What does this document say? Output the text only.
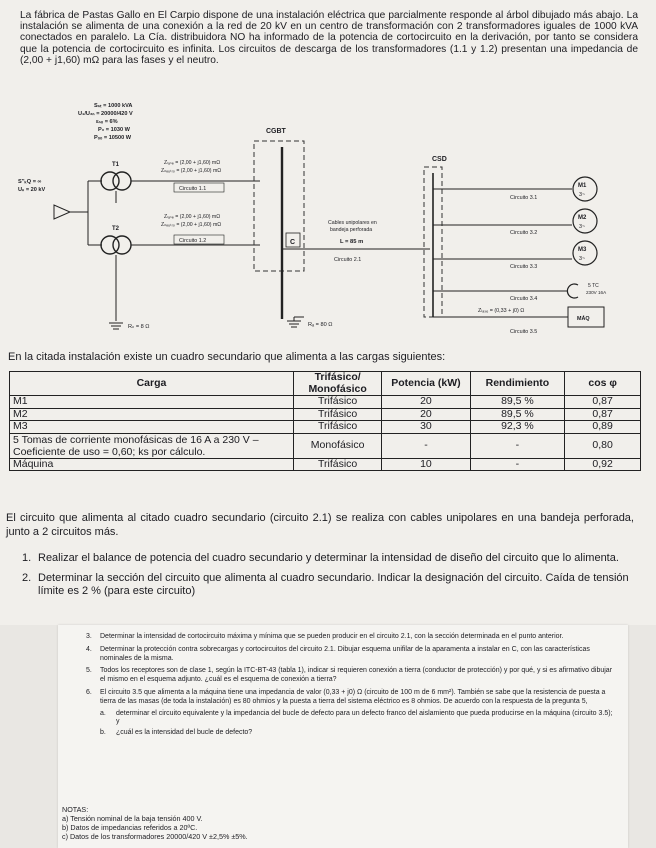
La fábrica de Pastas Gallo en El Carpio dispone de una instalación eléctrica que parcialmente responde al árbol dibujado más abajo. La instalación se alimenta de una conexión a la red de 20 kV en un centro de transformación con 2 transformadores iguales de 1000 kVA conectados en paralelo. La Cía. distribuidora NO ha informado de la potencia de cortocircuito en la derivación, por tanto se considera que la potencia de cortocircuito es infinita. Los circuitos de descarga de los transformadores (1.1 y 1.2) presentan una impedancia de (2,00 + j1,60) mΩ para las fases y el neutro.

Sₙₜ = 1000 kVA
U₁/U₂ₙ = 20000/420 V
εₙₒ = 6%
P₀ = 1030 W
Pₒₒ = 10500 W
S″ₖQ = ∞
Uₙ = 20 kV
T1
T2
Zₗₐₛₑ = (2,00 + j1,60) mΩ
Zₙₑᵤₜᵣₒ = (2,00 + j1,60) mΩ
Zₗₐₛₑ = (2,00 + j1,60) mΩ
Zₙₑᵤₜᵣₒ = (2,00 + j1,60) mΩ
Circuito 1.1
Circuito 1.2
CGBT
C
Cables unipolares en
bandeja perforada
L = 85 m
Circuito 2.1
CSD
Circuito 3.1
Circuito 3.2
Circuito 3.3
Circuito 3.4
Circuito 3.5
Zₗₐₛₑ = (0,33 + j0) Ω
M1
3~
M2
3~
M3
3~
5 TC
230V 16A
MÁQ
Rₙ = 8 Ω	Rₐ = 80 Ω
En la citada instalación existe un cuadro secundario que alimenta a las cargas siguientes:
Carga	Trifásico/ Monofásico	Potencia (kW)	Rendimiento	cos φ
M1	Trifásico	20	89,5 %	0,87
M2	Trifásico	20	89,5 %	0,87
M3	Trifásico	30	92,3 %	0,89
5 Tomas de corriente monofásicas de 16 A a 230 V – Coeficiente de uso = 0,60; ks por cálculo.	Monofásico	-	-	0,80
Máquina	Trifásico	10	-	0,92

El circuito que alimenta al citado cuadro secundario (circuito 2.1) se realiza con cables unipolares en una bandeja perforada, junto a 2 circuitos más.

1. Realizar el balance de potencia del cuadro secundario y determinar la intensidad de diseño del circuito que lo alimenta.
2. Determinar la sección del circuito que alimenta al cuadro secundario. Indicar la designación del circuito. Caída de tensión límite es 2 % (para este circuito)
3. Determinar la intensidad de cortocircuito máxima y mínima que se pueden producir en el circuito 2.1, con la sección determinada en el punto anterior.
4. Determinar la protección contra sobrecargas y cortocircuitos del circuito 2.1. Dibujar esquema unifilar de la aparamenta a instalar en C, con las características nominales de la misma.
5. Todos los receptores son de clase 1, según la ITC-BT-43 (tabla 1), indicar si requieren conexión a tierra (conductor de protección) y por qué, y si es afirmativo dibujar el mismo en el esquema adjunto. ¿cuál es el esquema de conexión a tierra?
6. El circuito 3.5 que alimenta a la máquina tiene una impedancia de valor (0,33 + j0) Ω (circuito de 100 m de 6 mm²). También se sabe que la resistencia de puesta a tierra de las masas (de toda la instalación) es 80 ohmios y la puesta a tierra del sistema eléctrico es 8 ohmios. De acuerdo con la respuesta de la pregunta 5,
a. determinar el circuito equivalente y la impedancia del bucle de defecto para un defecto franco del aislamiento que pueda producirse en la máquina (circuito 3.5); y
b. ¿cuál es la intensidad del bucle de defecto?
NOTAS:
a) Tensión nominal de la baja tensión 400 V.
b) Datos de impedancias referidos a 20ºC.
c) Datos de los transformadores 20000/420 V ±2,5% ±5%.
